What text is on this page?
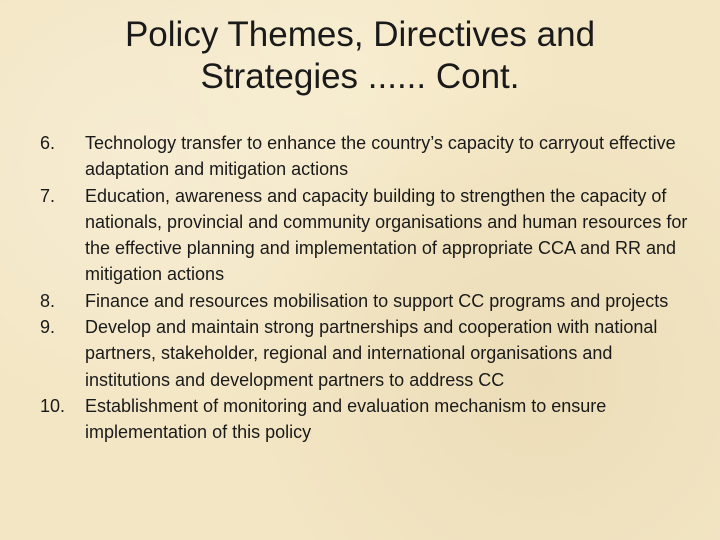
Policy Themes, Directives and
Strategies ...... Cont.
6.	Technology transfer to enhance the country’s capacity to carryout effective adaptation and mitigation actions
7.	Education, awareness and capacity building to strengthen the capacity of nationals, provincial and community organisations and human resources for the effective planning and implementation of appropriate CCA and RR and mitigation actions
8.	Finance and resources mobilisation to support CC programs and projects
9.	Develop and maintain strong partnerships and cooperation with national partners, stakeholder, regional and international organisations and institutions and development partners to address CC
10.	Establishment of monitoring and evaluation mechanism to ensure implementation of this policy
